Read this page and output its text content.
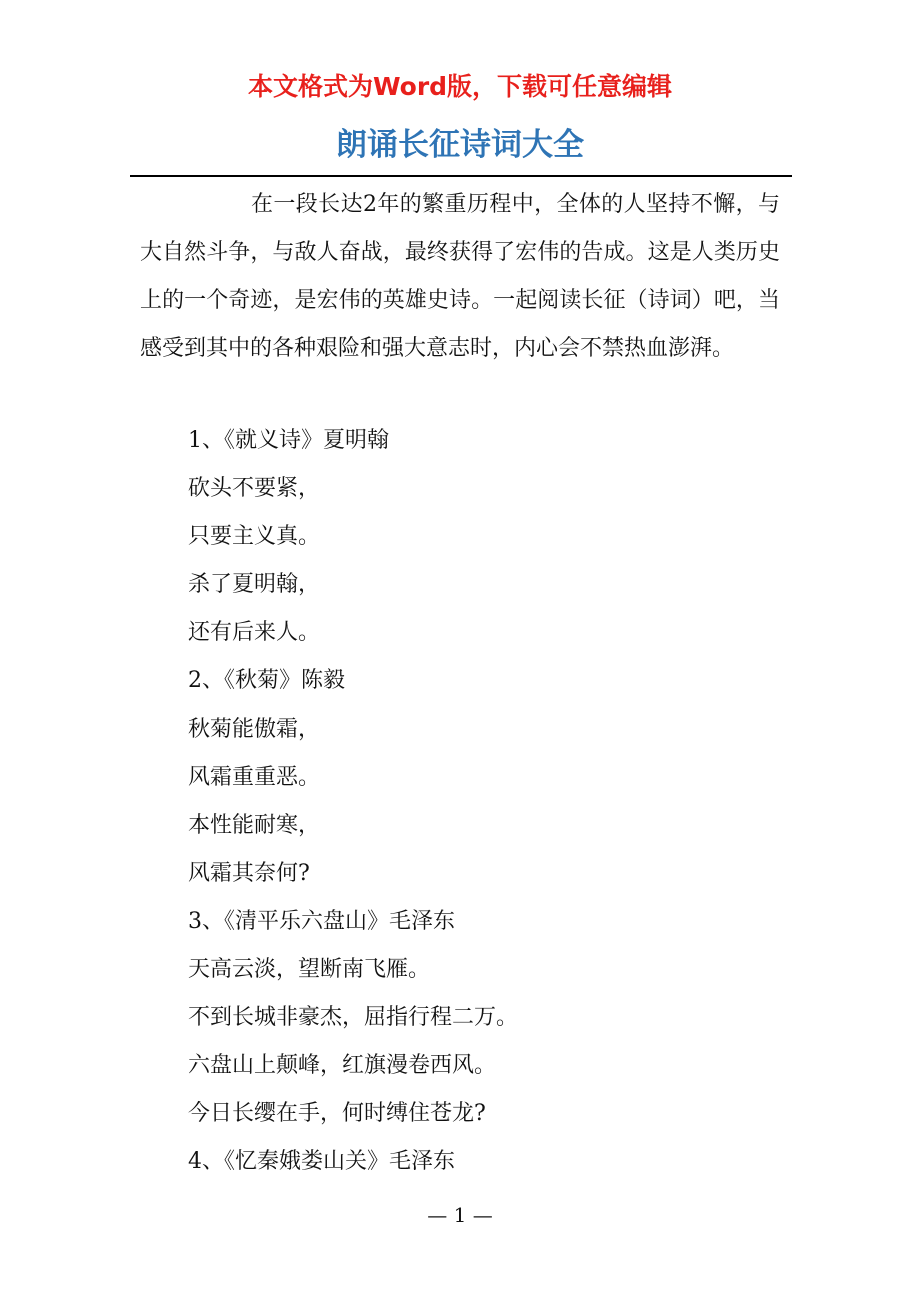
本文格式为Word版，下载可任意编辑
朗诵长征诗词大全
在一段长达2年的繁重历程中，全体的人坚持不懈，与大自然斗争，与敌人奋战，最终获得了宏伟的告成。这是人类历史上的一个奇迹，是宏伟的英雄史诗。一起阅读长征（诗词）吧，当感受到其中的各种艰险和强大意志时，内心会不禁热血澎湃。
1、《就义诗》夏明翰
砍头不要紧，
只要主义真。
杀了夏明翰，
还有后来人。
2、《秋菊》陈毅
秋菊能傲霜，
风霜重重恶。
本性能耐寒，
风霜其奈何?
3、《清平乐六盘山》毛泽东
天高云淡，望断南飞雁。
不到长城非豪杰，屈指行程二万。
六盘山上颠峰，红旗漫卷西风。
今日长缨在手，何时缚住苍龙?
4、《忆秦娥娄山关》毛泽东
— 1 —
